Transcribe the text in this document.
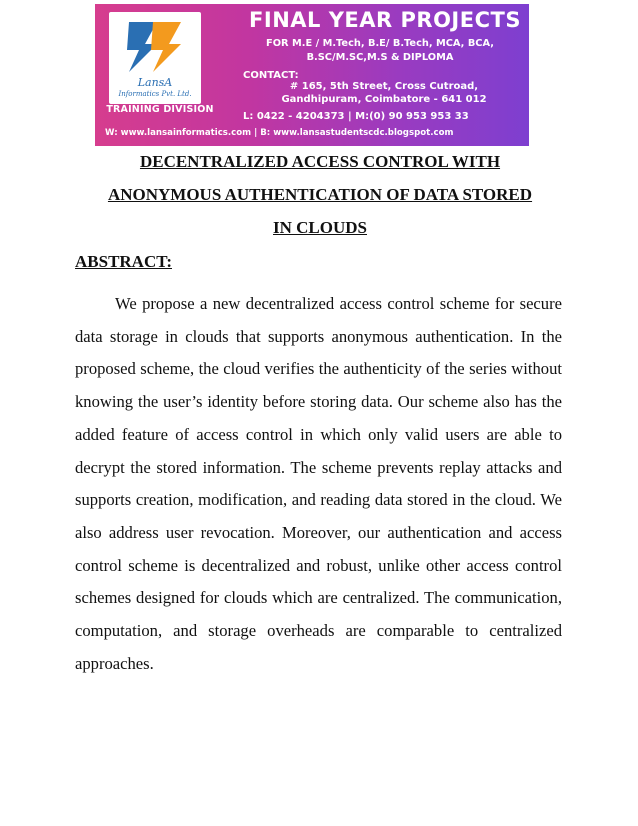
LansA
Informatics Pvt. Ltd.
TRAINING DIVISION
FINAL YEAR PROJECTS
FOR M.E / M.Tech, B.E/ B.Tech, MCA, BCA,
B.SC/M.SC,M.S & DIPLOMA
CONTACT:
# 165, 5th Street, Cross Cutroad,
Gandhipuram, Coimbatore - 641 012
L: 0422 - 4204373 | M:(0) 90 953 953 33
W: www.lansainformatics.com | B: www.lansastudentscdc.blogspot.com
DECENTRALIZED ACCESS CONTROL WITH
ANONYMOUS AUTHENTICATION OF DATA STORED
IN CLOUDS
ABSTRACT:
We propose a new decentralized access control scheme for secure data storage in clouds that supports anonymous authentication. In the proposed scheme, the cloud verifies the authenticity of the series without knowing the user’s identity before storing data. Our scheme also has the added feature of access control in which only valid users are able to decrypt the stored information. The scheme prevents replay attacks and supports creation, modification, and reading data stored in the cloud. We also address user revocation. Moreover, our authentication and access control scheme is decentralized and robust, unlike other access control schemes designed for clouds which are centralized. The communication, computation, and storage overheads are comparable to centralized approaches.
